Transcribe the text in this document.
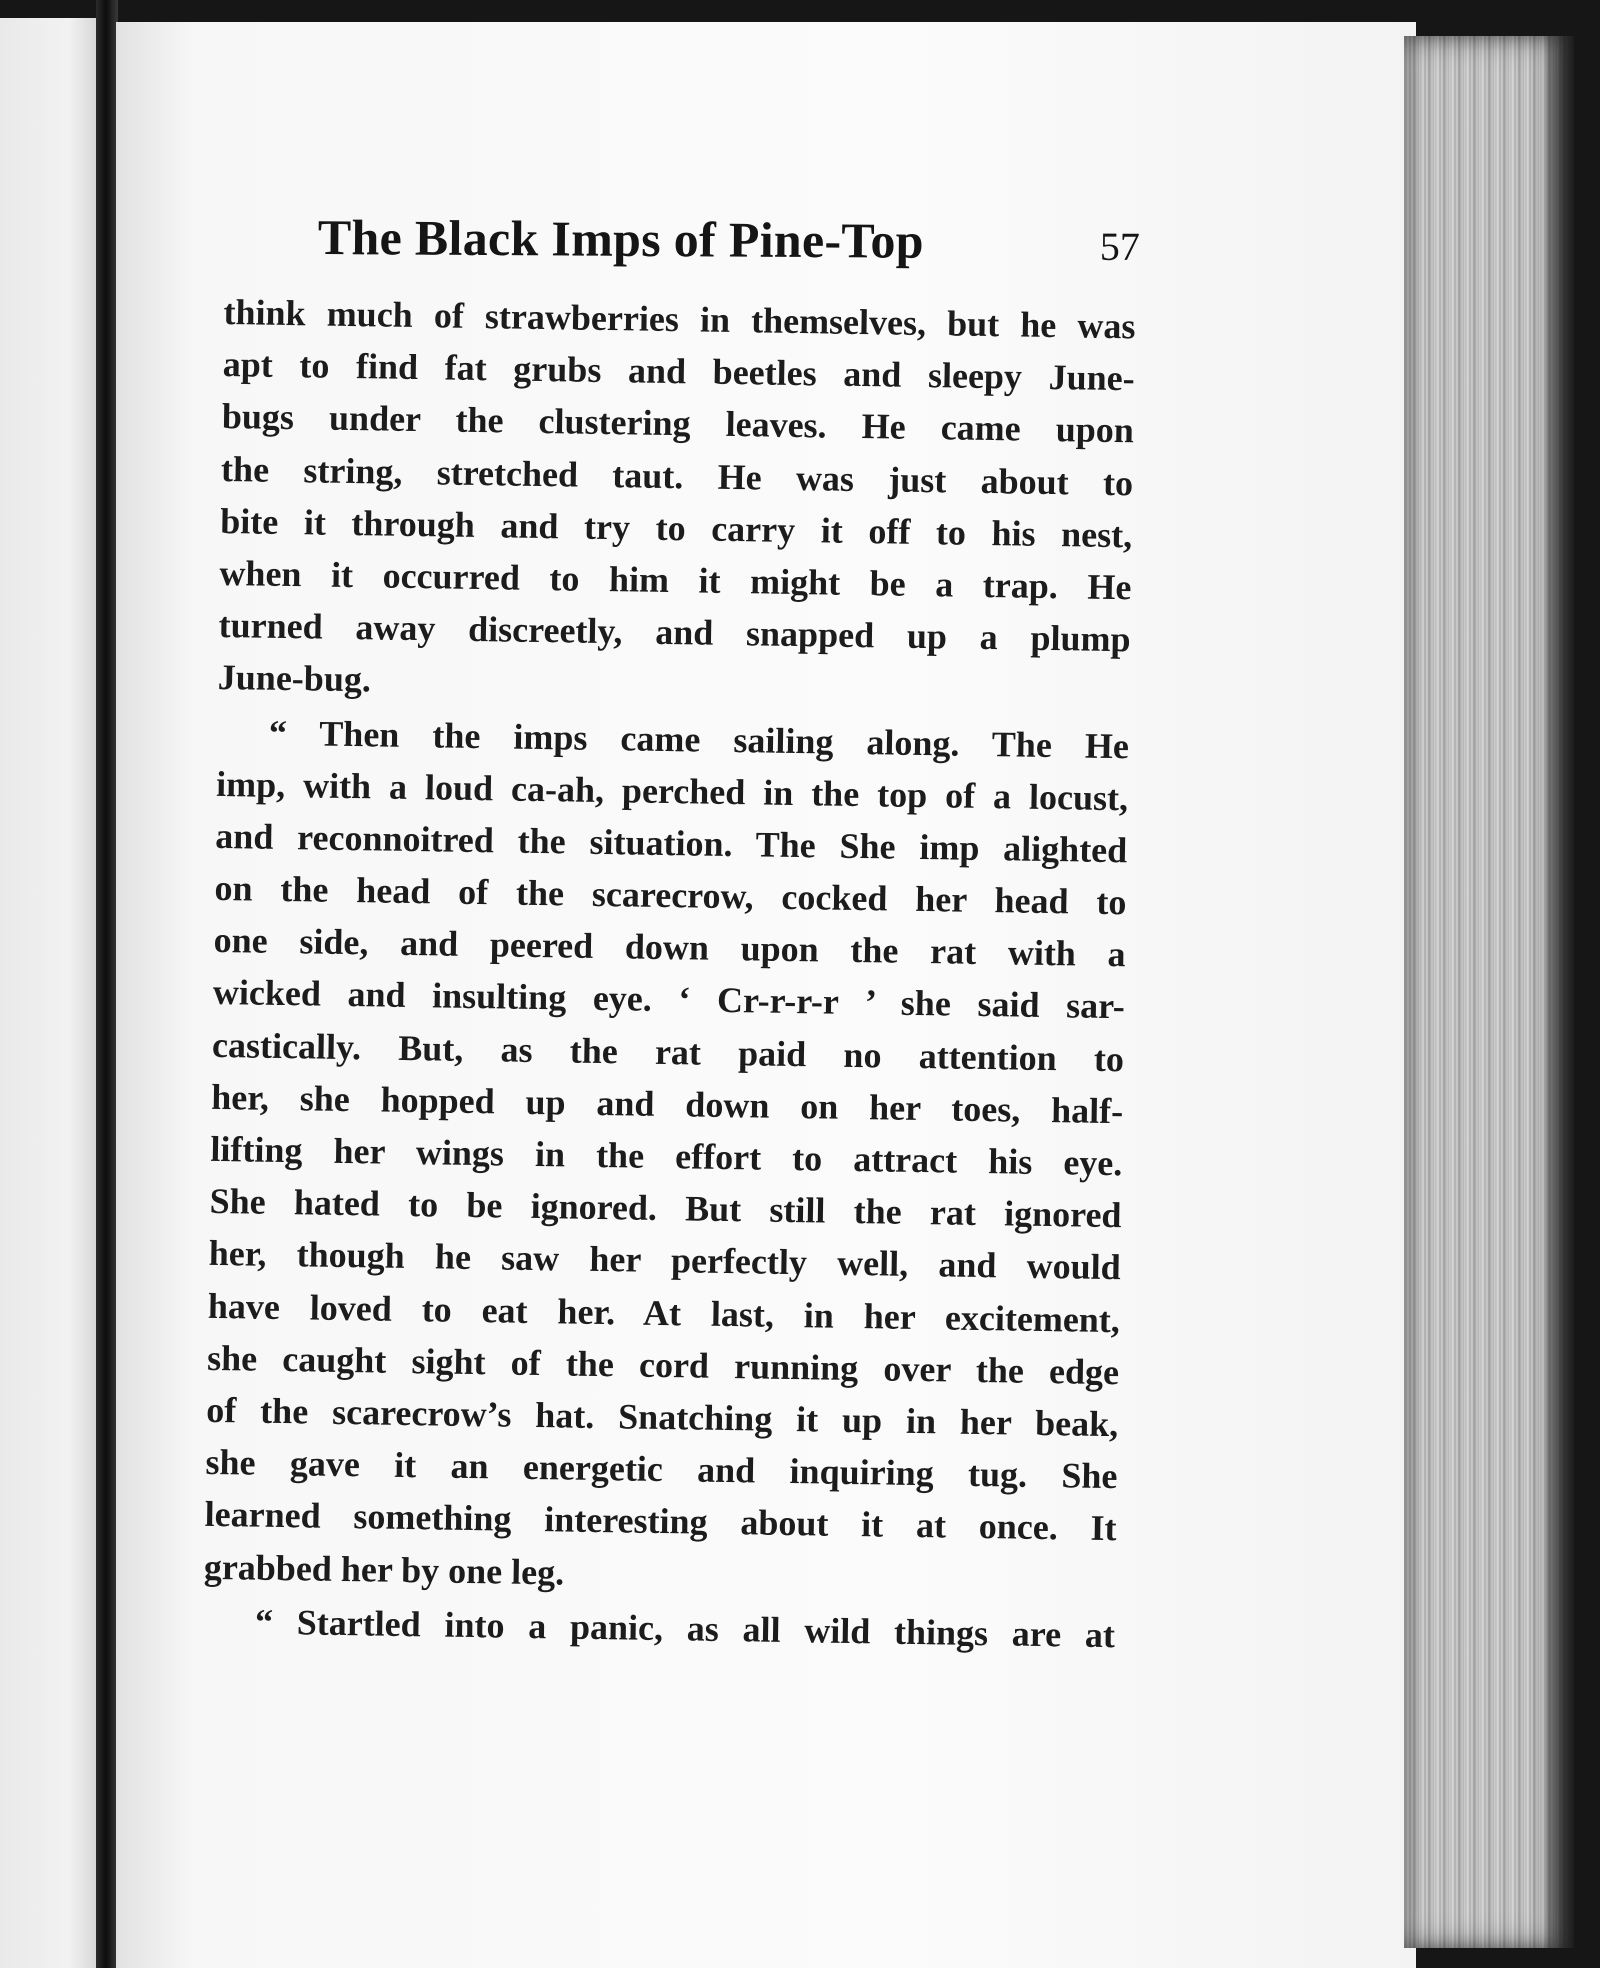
The Black Imps of Pine-Top	57
think much of strawberries in themselves, but he was
apt to find fat grubs and beetles and sleepy June-
bugs under the clustering leaves. He came upon
the string, stretched taut. He was just about to
bite it through and try to carry it off to his nest,
when it occurred to him it might be a trap. He
turned away discreetly, and snapped up a plump
June-bug.
“ Then the imps came sailing along. The He
imp, with a loud ca-ah, perched in the top of a locust,
and reconnoitred the situation. The She imp alighted
on the head of the scarecrow, cocked her head to
one side, and peered down upon the rat with a
wicked and insulting eye. ‘ Cr-r-r-r ’ she said sar-
castically. But, as the rat paid no attention to
her, she hopped up and down on her toes, half-
lifting her wings in the effort to attract his eye.
She hated to be ignored. But still the rat ignored
her, though he saw her perfectly well, and would
have loved to eat her. At last, in her excitement,
she caught sight of the cord running over the edge
of the scarecrow’s hat. Snatching it up in her beak,
she gave it an energetic and inquiring tug. She
learned something interesting about it at once. It
grabbed her by one leg.
“ Startled into a panic, as all wild things are at
